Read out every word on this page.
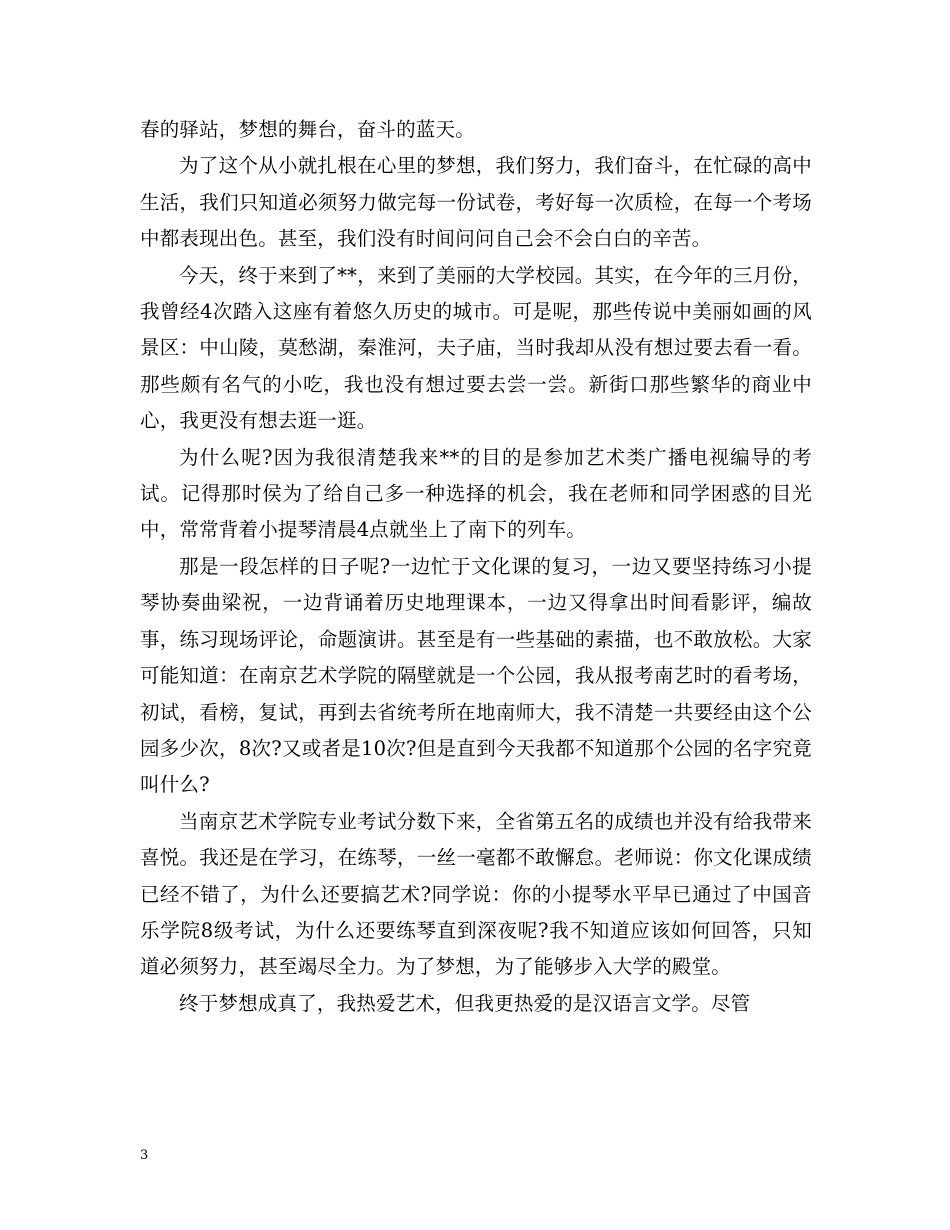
春的驿站，梦想的舞台，奋斗的蓝天。

为了这个从小就扎根在心里的梦想，我们努力，我们奋斗，在忙碌的高中生活，我们只知道必须努力做完每一份试卷，考好每一次质检，在每一个考场中都表现出色。甚至，我们没有时间问问自己会不会白白的辛苦。

今天，终于来到了**，来到了美丽的大学校园。其实，在今年的三月份，我曾经4次踏入这座有着悠久历史的城市。可是呢，那些传说中美丽如画的风景区：中山陵，莫愁湖，秦淮河，夫子庙，当时我却从没有想过要去看一看。那些颇有名气的小吃，我也没有想过要去尝一尝。新街口那些繁华的商业中心，我更没有想去逛一逛。

为什么呢?因为我很清楚我来**的目的是参加艺术类广播电视编导的考试。记得那时侯为了给自己多一种选择的机会，我在老师和同学困惑的目光中，常常背着小提琴清晨4点就坐上了南下的列车。

那是一段怎样的日子呢?一边忙于文化课的复习，一边又要坚持练习小提琴协奏曲梁祝，一边背诵着历史地理课本，一边又得拿出时间看影评，编故事，练习现场评论，命题演讲。甚至是有一些基础的素描，也不敢放松。大家可能知道：在南京艺术学院的隔壁就是一个公园，我从报考南艺时的看考场，初试，看榜，复试，再到去省统考所在地南师大，我不清楚一共要经由这个公园多少次，8次?又或者是10次?但是直到今天我都不知道那个公园的名字究竟叫什么?

当南京艺术学院专业考试分数下来，全省第五名的成绩也并没有给我带来喜悦。我还是在学习，在练琴，一丝一毫都不敢懈怠。老师说：你文化课成绩已经不错了，为什么还要搞艺术?同学说：你的小提琴水平早已通过了中国音乐学院8级考试，为什么还要练琴直到深夜呢?我不知道应该如何回答，只知道必须努力，甚至竭尽全力。为了梦想，为了能够步入大学的殿堂。

终于梦想成真了，我热爱艺术，但我更热爱的是汉语言文学。尽管

3
